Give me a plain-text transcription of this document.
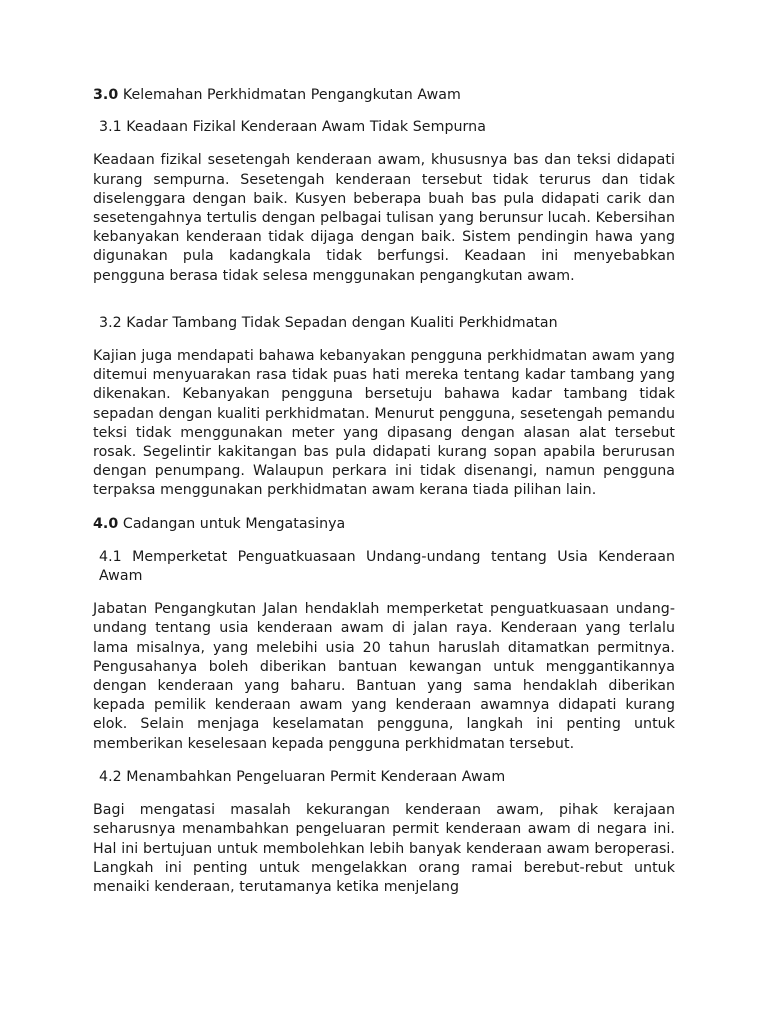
3.0 Kelemahan Perkhidmatan Pengangkutan Awam

3.1 Keadaan Fizikal Kenderaan Awam Tidak Sempurna

Keadaan fizikal sesetengah kenderaan awam, khususnya bas dan teksi didapati kurang sempurna. Sesetengah kenderaan tersebut tidak terurus dan tidak diselenggara dengan baik. Kusyen beberapa buah bas pula didapati carik dan sesetengahnya tertulis dengan pelbagai tulisan yang berunsur lucah. Kebersihan kebanyakan kenderaan tidak dijaga dengan baik. Sistem pendingin hawa yang digunakan pula kadangkala tidak berfungsi. Keadaan ini menyebabkan pengguna berasa tidak selesa menggunakan pengangkutan awam.

3.2 Kadar Tambang Tidak Sepadan dengan Kualiti Perkhidmatan

Kajian juga mendapati bahawa kebanyakan pengguna perkhidmatan awam yang ditemui menyuarakan rasa tidak puas hati mereka tentang kadar tambang yang dikenakan. Kebanyakan pengguna bersetuju bahawa kadar tambang tidak sepadan dengan kualiti perkhidmatan. Menurut pengguna, sesetengah pemandu teksi tidak menggunakan meter yang dipasang dengan alasan alat tersebut rosak. Segelintir kakitangan bas pula didapati kurang sopan apabila berurusan dengan penumpang. Walaupun perkara ini tidak disenangi, namun pengguna terpaksa menggunakan perkhidmatan awam kerana tiada pilihan lain.

4.0 Cadangan untuk Mengatasinya

4.1 Memperketat Penguatkuasaan Undang-undang tentang Usia Kenderaan Awam

Jabatan Pengangkutan Jalan hendaklah memperketat penguatkuasaan undang-undang tentang usia kenderaan awam di jalan raya. Kenderaan yang terlalu lama misalnya, yang melebihi usia 20 tahun haruslah ditamatkan permitnya. Pengusahanya boleh diberikan bantuan kewangan untuk menggantikannya dengan kenderaan yang baharu. Bantuan yang sama hendaklah diberikan kepada pemilik kenderaan awam yang kenderaan awamnya didapati kurang elok. Selain menjaga keselamatan pengguna, langkah ini penting untuk memberikan keselesaan kepada pengguna perkhidmatan tersebut.

4.2 Menambahkan Pengeluaran Permit Kenderaan Awam

Bagi mengatasi masalah kekurangan kenderaan awam, pihak kerajaan seharusnya menambahkan pengeluaran permit kenderaan awam di negara ini. Hal ini bertujuan untuk membolehkan lebih banyak kenderaan awam beroperasi. Langkah ini penting untuk mengelakkan orang ramai berebut-rebut untuk menaiki kenderaan, terutamanya ketika menjelang
